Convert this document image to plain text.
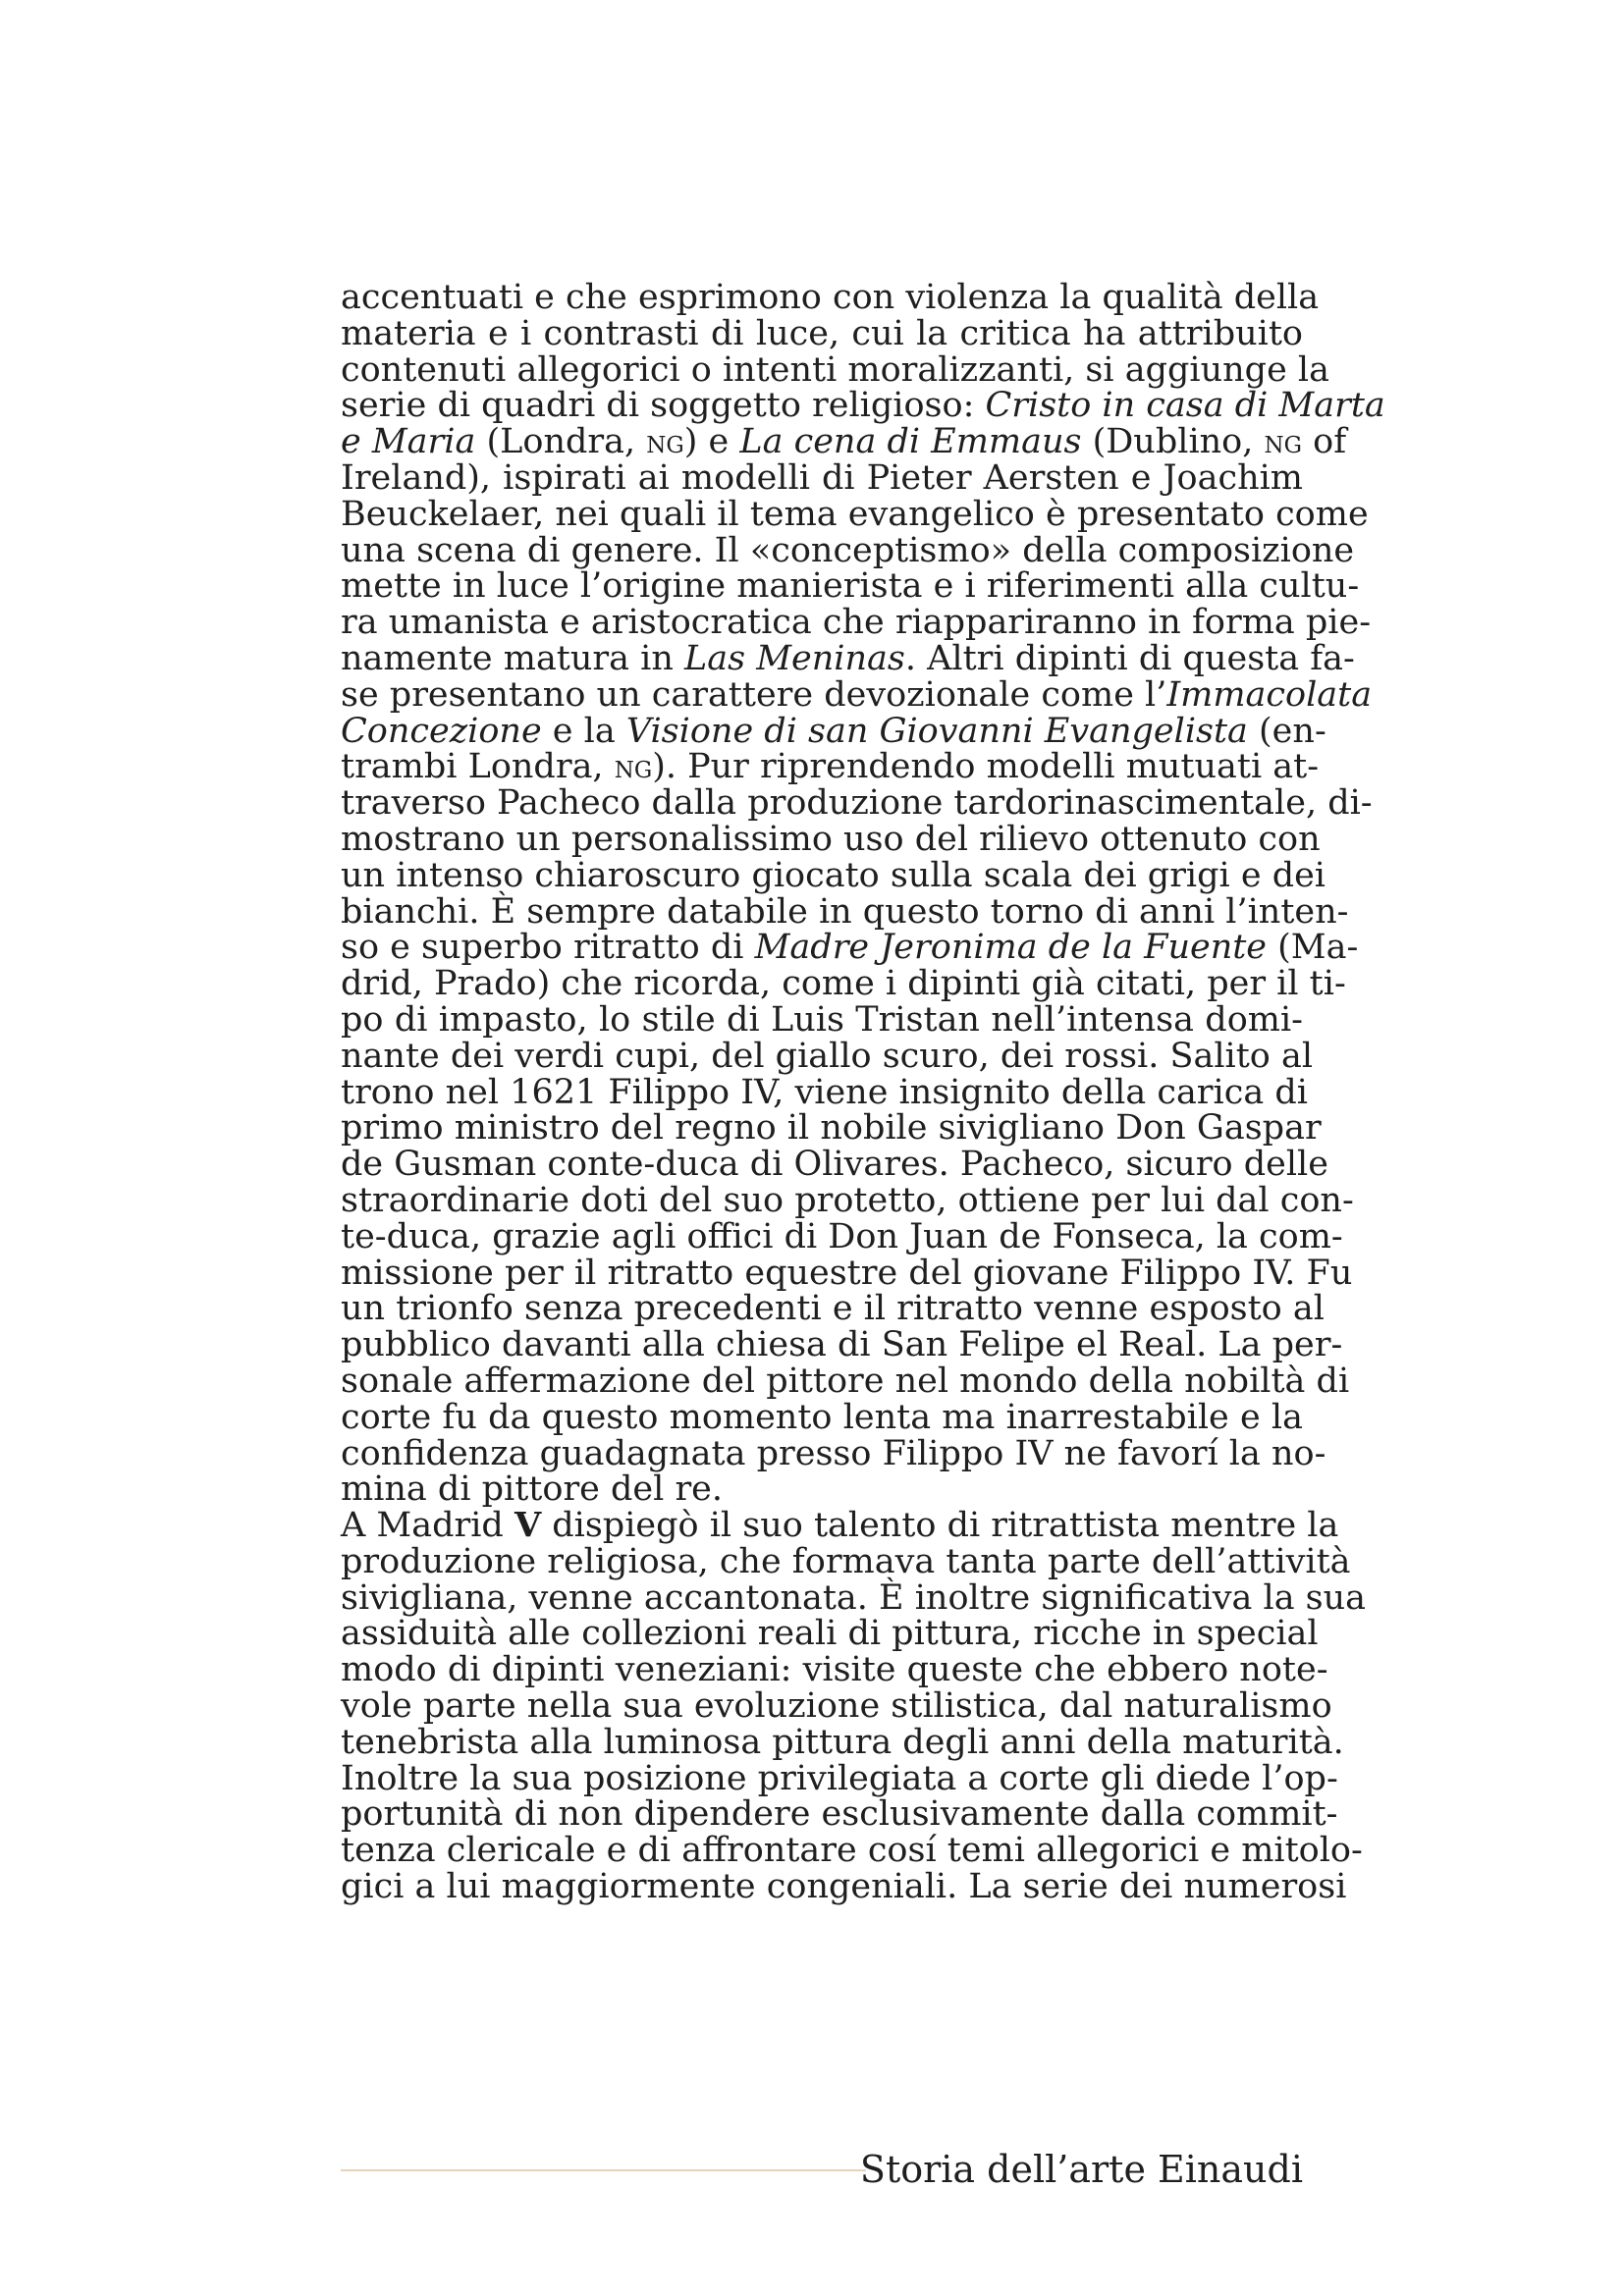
accentuati e che esprimono con violenza la qualità della
materia e i contrasti di luce, cui la critica ha attribuito
contenuti allegorici o intenti moralizzanti, si aggiunge la
serie di quadri di soggetto religioso: Cristo in casa di Marta
e Maria (Londra, ng) e La cena di Emmaus (Dublino, ng of
Ireland), ispirati ai modelli di Pieter Aersten e Joachim
Beuckelaer, nei quali il tema evangelico è presentato come
una scena di genere. Il «conceptismo» della composizione
mette in luce l’origine manierista e i riferimenti alla cultu-
ra umanista e aristocratica che riappariranno in forma pie-
namente matura in Las Meninas. Altri dipinti di questa fa-
se presentano un carattere devozionale come l’Immacolata
Concezione e la Visione di san Giovanni Evangelista (en-
trambi Londra, ng). Pur riprendendo modelli mutuati at-
traverso Pacheco dalla produzione tardorinascimentale, di-
mostrano un personalissimo uso del rilievo ottenuto con
un intenso chiaroscuro giocato sulla scala dei grigi e dei
bianchi. È sempre databile in questo torno di anni l’inten-
so e superbo ritratto di Madre Jeronima de la Fuente (Ma-
drid, Prado) che ricorda, come i dipinti già citati, per il ti-
po di impasto, lo stile di Luis Tristan nell’intensa domi-
nante dei verdi cupi, del giallo scuro, dei rossi. Salito al
trono nel 1621 Filippo IV, viene insignito della carica di
primo ministro del regno il nobile sivigliano Don Gaspar
de Gusman conte-duca di Olivares. Pacheco, sicuro delle
straordinarie doti del suo protetto, ottiene per lui dal con-
te-duca, grazie agli offici di Don Juan de Fonseca, la com-
missione per il ritratto equestre del giovane Filippo IV. Fu
un trionfo senza precedenti e il ritratto venne esposto al
pubblico davanti alla chiesa di San Felipe el Real. La per-
sonale affermazione del pittore nel mondo della nobiltà di
corte fu da questo momento lenta ma inarrestabile e la
confidenza guadagnata presso Filippo IV ne favorí la no-
mina di pittore del re.
A Madrid V dispiegò il suo talento di ritrattista mentre la
produzione religiosa, che formava tanta parte dell’attività
sivigliana, venne accantonata. È inoltre significativa la sua
assiduità alle collezioni reali di pittura, ricche in special
modo di dipinti veneziani: visite queste che ebbero note-
vole parte nella sua evoluzione stilistica, dal naturalismo
tenebrista alla luminosa pittura degli anni della maturità.
Inoltre la sua posizione privilegiata a corte gli diede l’op-
portunità di non dipendere esclusivamente dalla commit-
tenza clericale e di affrontare cosí temi allegorici e mitolo-
gici a lui maggiormente congeniali. La serie dei numerosi
Storia dell’arte Einaudi
